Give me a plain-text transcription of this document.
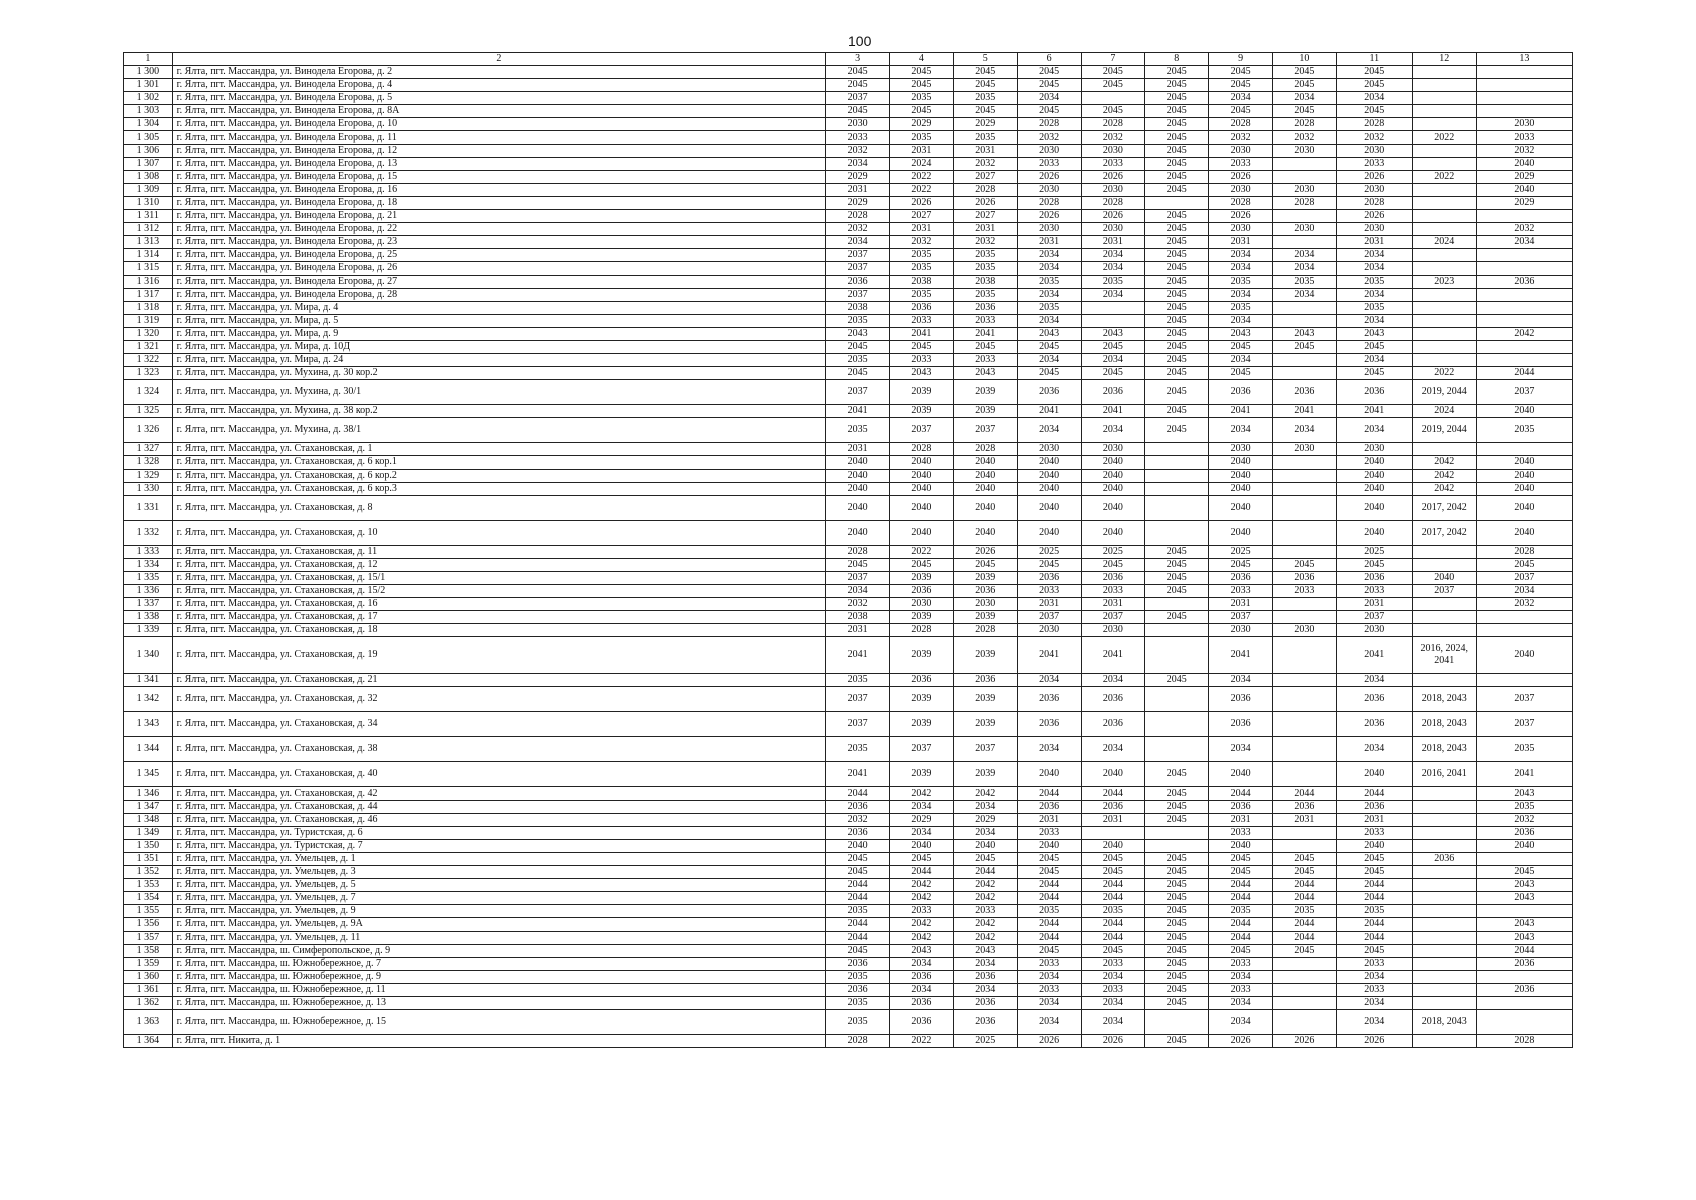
100
1	2	3	4	5	6	7	8	9	10	11	12	13
1 300	г. Ялта, пгт. Массандра, ул. Винодела Егорова, д. 2	2045	2045	2045	2045	2045	2045	2045	2045	2045		
1 301	г. Ялта, пгт. Массандра, ул. Винодела Егорова, д. 4	2045	2045	2045	2045	2045	2045	2045	2045	2045		
1 302	г. Ялта, пгт. Массандра, ул. Винодела Егорова, д. 5	2037	2035	2035	2034		2045	2034	2034	2034		
1 303	г. Ялта, пгт. Массандра, ул. Винодела Егорова, д. 8А	2045	2045	2045	2045	2045	2045	2045	2045	2045		
1 304	г. Ялта, пгт. Массандра, ул. Винодела Егорова, д. 10	2030	2029	2029	2028	2028	2045	2028	2028	2028		2030
1 305	г. Ялта, пгт. Массандра, ул. Винодела Егорова, д. 11	2033	2035	2035	2032	2032	2045	2032	2032	2032	2022	2033
1 306	г. Ялта, пгт. Массандра, ул. Винодела Егорова, д. 12	2032	2031	2031	2030	2030	2045	2030	2030	2030		2032
1 307	г. Ялта, пгт. Массандра, ул. Винодела Егорова, д. 13	2034	2024	2032	2033	2033	2045	2033		2033		2040
1 308	г. Ялта, пгт. Массандра, ул. Винодела Егорова, д. 15	2029	2022	2027	2026	2026	2045	2026		2026	2022	2029
1 309	г. Ялта, пгт. Массандра, ул. Винодела Егорова, д. 16	2031	2022	2028	2030	2030	2045	2030	2030	2030		2040
1 310	г. Ялта, пгт. Массандра, ул. Винодела Егорова, д. 18	2029	2026	2026	2028	2028		2028	2028	2028		2029
1 311	г. Ялта, пгт. Массандра, ул. Винодела Егорова, д. 21	2028	2027	2027	2026	2026	2045	2026		2026		
1 312	г. Ялта, пгт. Массандра, ул. Винодела Егорова, д. 22	2032	2031	2031	2030	2030	2045	2030	2030	2030		2032
1 313	г. Ялта, пгт. Массандра, ул. Винодела Егорова, д. 23	2034	2032	2032	2031	2031	2045	2031		2031	2024	2034
1 314	г. Ялта, пгт. Массандра, ул. Винодела Егорова, д. 25	2037	2035	2035	2034	2034	2045	2034	2034	2034		
1 315	г. Ялта, пгт. Массандра, ул. Винодела Егорова, д. 26	2037	2035	2035	2034	2034	2045	2034	2034	2034		
1 316	г. Ялта, пгт. Массандра, ул. Винодела Егорова, д. 27	2036	2038	2038	2035	2035	2045	2035	2035	2035	2023	2036
1 317	г. Ялта, пгт. Массандра, ул. Винодела Егорова, д. 28	2037	2035	2035	2034	2034	2045	2034	2034	2034		
1 318	г. Ялта, пгт. Массандра, ул. Мира, д. 4	2038	2036	2036	2035		2045	2035		2035		
1 319	г. Ялта, пгт. Массандра, ул. Мира, д. 5	2035	2033	2033	2034		2045	2034		2034		
1 320	г. Ялта, пгт. Массандра, ул. Мира, д. 9	2043	2041	2041	2043	2043	2045	2043	2043	2043		2042
1 321	г. Ялта, пгт. Массандра, ул. Мира, д. 10Д	2045	2045	2045	2045	2045	2045	2045	2045	2045		
1 322	г. Ялта, пгт. Массандра, ул. Мира, д. 24	2035	2033	2033	2034	2034	2045	2034		2034		
1 323	г. Ялта, пгт. Массандра, ул. Мухина, д. 30 кор.2	2045	2043	2043	2045	2045	2045	2045		2045	2022	2044
1 324	г. Ялта, пгт. Массандра, ул. Мухина, д. 30/1	2037	2039	2039	2036	2036	2045	2036	2036	2036	2019, 2044	2037
1 325	г. Ялта, пгт. Массандра, ул. Мухина, д. 38 кор.2	2041	2039	2039	2041	2041	2045	2041	2041	2041	2024	2040
1 326	г. Ялта, пгт. Массандра, ул. Мухина, д. 38/1	2035	2037	2037	2034	2034	2045	2034	2034	2034	2019, 2044	2035
1 327	г. Ялта, пгт. Массандра, ул. Стахановская, д. 1	2031	2028	2028	2030	2030		2030	2030	2030		
1 328	г. Ялта, пгт. Массандра, ул. Стахановская, д. 6 кор.1	2040	2040	2040	2040	2040		2040		2040	2042	2040
1 329	г. Ялта, пгт. Массандра, ул. Стахановская, д. 6 кор.2	2040	2040	2040	2040	2040		2040		2040	2042	2040
1 330	г. Ялта, пгт. Массандра, ул. Стахановская, д. 6 кор.3	2040	2040	2040	2040	2040		2040		2040	2042	2040
1 331	г. Ялта, пгт. Массандра, ул. Стахановская, д. 8	2040	2040	2040	2040	2040		2040		2040	2017, 2042	2040
1 332	г. Ялта, пгт. Массандра, ул. Стахановская, д. 10	2040	2040	2040	2040	2040		2040		2040	2017, 2042	2040
1 333	г. Ялта, пгт. Массандра, ул. Стахановская, д. 11	2028	2022	2026	2025	2025	2045	2025		2025		2028
1 334	г. Ялта, пгт. Массандра, ул. Стахановская, д. 12	2045	2045	2045	2045	2045	2045	2045	2045	2045		2045
1 335	г. Ялта, пгт. Массандра, ул. Стахановская, д. 15/1	2037	2039	2039	2036	2036	2045	2036	2036	2036	2040	2037
1 336	г. Ялта, пгт. Массандра, ул. Стахановская, д. 15/2	2034	2036	2036	2033	2033	2045	2033	2033	2033	2037	2034
1 337	г. Ялта, пгт. Массандра, ул. Стахановская, д. 16	2032	2030	2030	2031	2031		2031		2031		2032
1 338	г. Ялта, пгт. Массандра, ул. Стахановская, д. 17	2038	2039	2039	2037	2037	2045	2037		2037		
1 339	г. Ялта, пгт. Массандра, ул. Стахановская, д. 18	2031	2028	2028	2030	2030		2030	2030	2030		
1 340	г. Ялта, пгт. Массандра, ул. Стахановская, д. 19	2041	2039	2039	2041	2041		2041		2041	2016, 2024, 2041	2040
1 341	г. Ялта, пгт. Массандра, ул. Стахановская, д. 21	2035	2036	2036	2034	2034	2045	2034		2034		
1 342	г. Ялта, пгт. Массандра, ул. Стахановская, д. 32	2037	2039	2039	2036	2036		2036		2036	2018, 2043	2037
1 343	г. Ялта, пгт. Массандра, ул. Стахановская, д. 34	2037	2039	2039	2036	2036		2036		2036	2018, 2043	2037
1 344	г. Ялта, пгт. Массандра, ул. Стахановская, д. 38	2035	2037	2037	2034	2034		2034		2034	2018, 2043	2035
1 345	г. Ялта, пгт. Массандра, ул. Стахановская, д. 40	2041	2039	2039	2040	2040	2045	2040		2040	2016, 2041	2041
1 346	г. Ялта, пгт. Массандра, ул. Стахановская, д. 42	2044	2042	2042	2044	2044	2045	2044	2044	2044		2043
1 347	г. Ялта, пгт. Массандра, ул. Стахановская, д. 44	2036	2034	2034	2036	2036	2045	2036	2036	2036		2035
1 348	г. Ялта, пгт. Массандра, ул. Стахановская, д. 46	2032	2029	2029	2031	2031	2045	2031	2031	2031		2032
1 349	г. Ялта, пгт. Массандра, ул. Туристская, д. 6	2036	2034	2034	2033			2033		2033		2036
1 350	г. Ялта, пгт. Массандра, ул. Туристская, д. 7	2040	2040	2040	2040	2040		2040		2040		2040
1 351	г. Ялта, пгт. Массандра, ул. Умельцев, д. 1	2045	2045	2045	2045	2045	2045	2045	2045	2045	2036	
1 352	г. Ялта, пгт. Массандра, ул. Умельцев, д. 3	2045	2044	2044	2045	2045	2045	2045	2045	2045		2045
1 353	г. Ялта, пгт. Массандра, ул. Умельцев, д. 5	2044	2042	2042	2044	2044	2045	2044	2044	2044		2043
1 354	г. Ялта, пгт. Массандра, ул. Умельцев, д. 7	2044	2042	2042	2044	2044	2045	2044	2044	2044		2043
1 355	г. Ялта, пгт. Массандра, ул. Умельцев, д. 9	2035	2033	2033	2035	2035	2045	2035	2035	2035		
1 356	г. Ялта, пгт. Массандра, ул. Умельцев, д. 9А	2044	2042	2042	2044	2044	2045	2044	2044	2044		2043
1 357	г. Ялта, пгт. Массандра, ул. Умельцев, д. 11	2044	2042	2042	2044	2044	2045	2044	2044	2044		2043
1 358	г. Ялта, пгт. Массандра, ш. Симферопольское, д. 9	2045	2043	2043	2045	2045	2045	2045	2045	2045		2044
1 359	г. Ялта, пгт. Массандра, ш. Южнобережное, д. 7	2036	2034	2034	2033	2033	2045	2033		2033		2036
1 360	г. Ялта, пгт. Массандра, ш. Южнобережное, д. 9	2035	2036	2036	2034	2034	2045	2034		2034		
1 361	г. Ялта, пгт. Массандра, ш. Южнобережное, д. 11	2036	2034	2034	2033	2033	2045	2033		2033		2036
1 362	г. Ялта, пгт. Массандра, ш. Южнобережное, д. 13	2035	2036	2036	2034	2034	2045	2034		2034		
1 363	г. Ялта, пгт. Массандра, ш. Южнобережное, д. 15	2035	2036	2036	2034	2034		2034		2034	2018, 2043	
1 364	г. Ялта, пгт. Никита, д. 1	2028	2022	2025	2026	2026	2045	2026	2026	2026		2028
